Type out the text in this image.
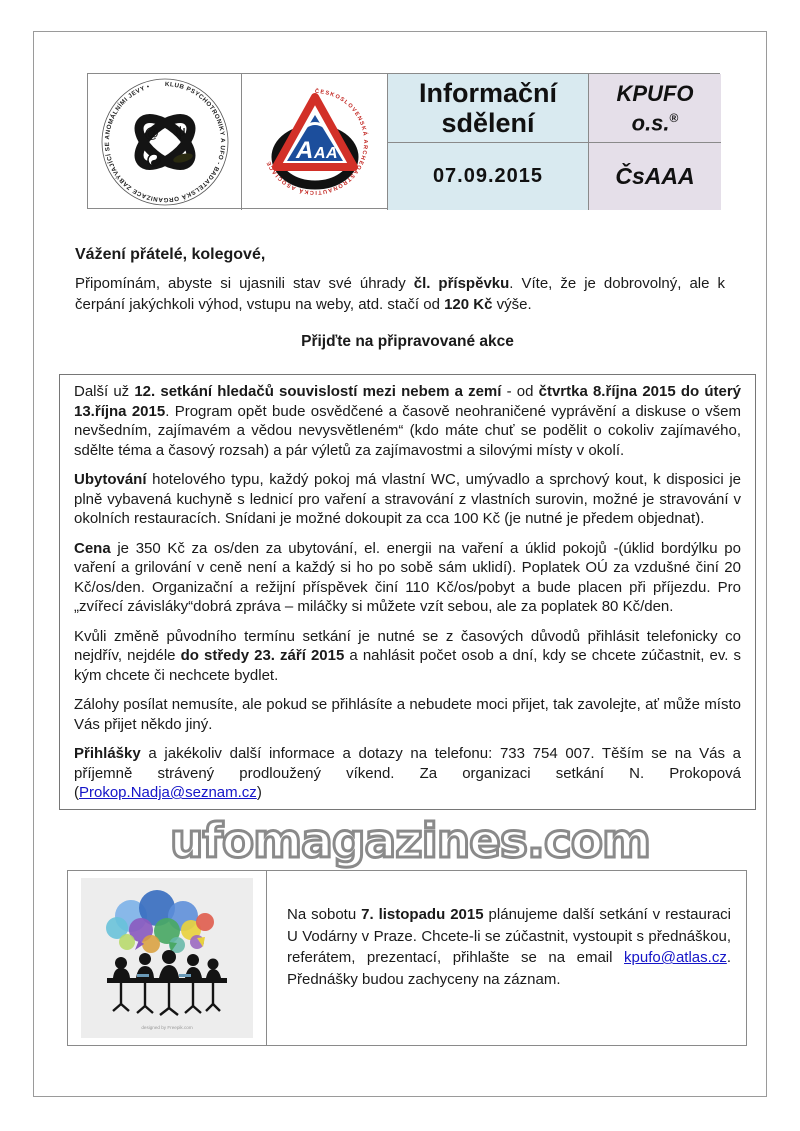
KLUB PSYCHOTRONIKY A UFO - BADATELSKÁ ORGANIZACE ZABÝVAJÍCÍ SE ANOMÁLNÍMI JEVY •
@ ψ
ČESKOSLOVENSKÁ ARCHEOASTRONAUTICKÁ ASOCIACE A A A
Informační
sdělení
KPUFO
o.s.®
07.09.2015	ČsAAA
Vážení přátelé, kolegové,
Připomínám, abyste si ujasnili stav své úhrady čl. příspěvku. Víte, že je dobrovolný, ale k čerpání jakýchkoli výhod, vstupu na weby, atd. stačí od 120 Kč výše.
Přijďte na připravované akce

Další už 12. setkání hledačů souvislostí mezi nebem a zemí - od čtvrtka 8.října 2015 do úterý 13.října 2015. Program opět bude osvědčené a časově neohraničené vyprávění a diskuse o všem nevšedním, zajímavém a vědou nevysvětleném“ (kdo máte chuť se podělit o cokoliv zajímavého, sdělte téma a časový rozsah) a pár výletů za zajímavostmi a silovými místy v okolí.

Ubytování hotelového typu, každý pokoj má vlastní WC, umývadlo a sprchový kout, k disposici je plně vybavená kuchyně s lednicí pro vaření a stravování z vlastních surovin, možné je stravování v okolních restauracích. Snídani je možné dokoupit za cca 100 Kč (je nutné je předem objednat).

Cena je 350 Kč za os/den za ubytování, el. energii na vaření a úklid pokojů -(úklid bordýlku po vaření a grilování v ceně není a každý si ho po sobě sám uklidí). Poplatek OÚ za vzdušné činí 20 Kč/os/den. Organizační a režijní příspěvek činí 110 Kč/os/pobyt a bude placen při příjezdu. Pro „zvířecí závisláky“dobrá zpráva – miláčky si můžete vzít sebou, ale za poplatek 80 Kč/den.

Kvůli změně původního termínu setkání je nutné se z časových důvodů přihlásit telefonicky co nejdřív, nejdéle do středy 23. září 2015 a nahlásit počet osob a dní, kdy se chcete zúčastnit, ev. s kým chcete či nechcete bydlet.

Zálohy posílat nemusíte, ale pokud se přihlásíte a nebudete moci přijet, tak zavolejte, ať může místo Vás přijet někdo jiný.

Přihlášky a jakékoliv další informace a dotazy na telefonu: 733 754 007. Těším se na Vás a příjemně strávený prodloužený víkend. Za organizaci setkání N. Prokopová (Prokop.Nadja@seznam.cz)

ufomagazines.com
designed by Freepik.com

Na sobotu 7. listopadu 2015 plánujeme další setkání v restauraci U Vodárny v Praze. Chcete-li se zúčastnit, vystoupit s přednáškou, referátem, prezentací, přihlašte se na email kpufo@atlas.cz. Přednášky budou zachyceny na záznam.
